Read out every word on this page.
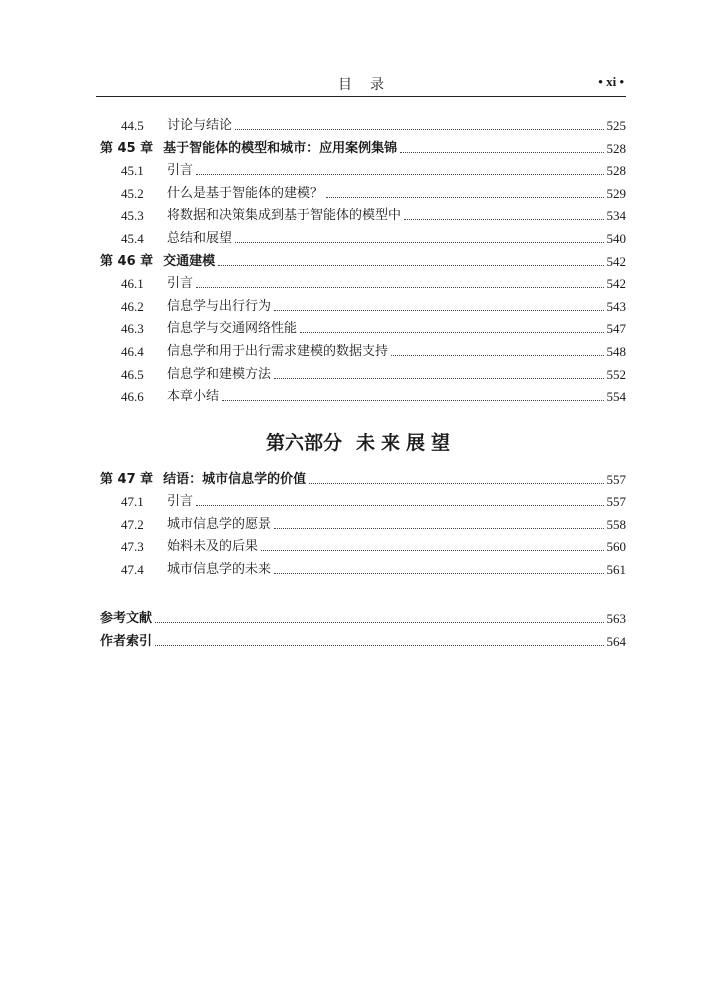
目录	• xi •
44.5	讨论与结论	525
第 45 章 基于智能体的模型和城市：应用案例集锦	528
45.1	引言	528
45.2	什么是基于智能体的建模？	529
45.3	将数据和决策集成到基于智能体的模型中	534
45.4	总结和展望	540
第 46 章 交通建模	542
46.1	引言	542
46.2	信息学与出行行为	543
46.3	信息学与交通网络性能	547
46.4	信息学和用于出行需求建模的数据支持	548
46.5	信息学和建模方法	552
46.6	本章小结	554
第六部分 未来展望
第 47 章 结语：城市信息学的价值	557
47.1	引言	557
47.2	城市信息学的愿景	558
47.3	始料未及的后果	560
47.4	城市信息学的未来	561
参考文献	563
作者索引	564
